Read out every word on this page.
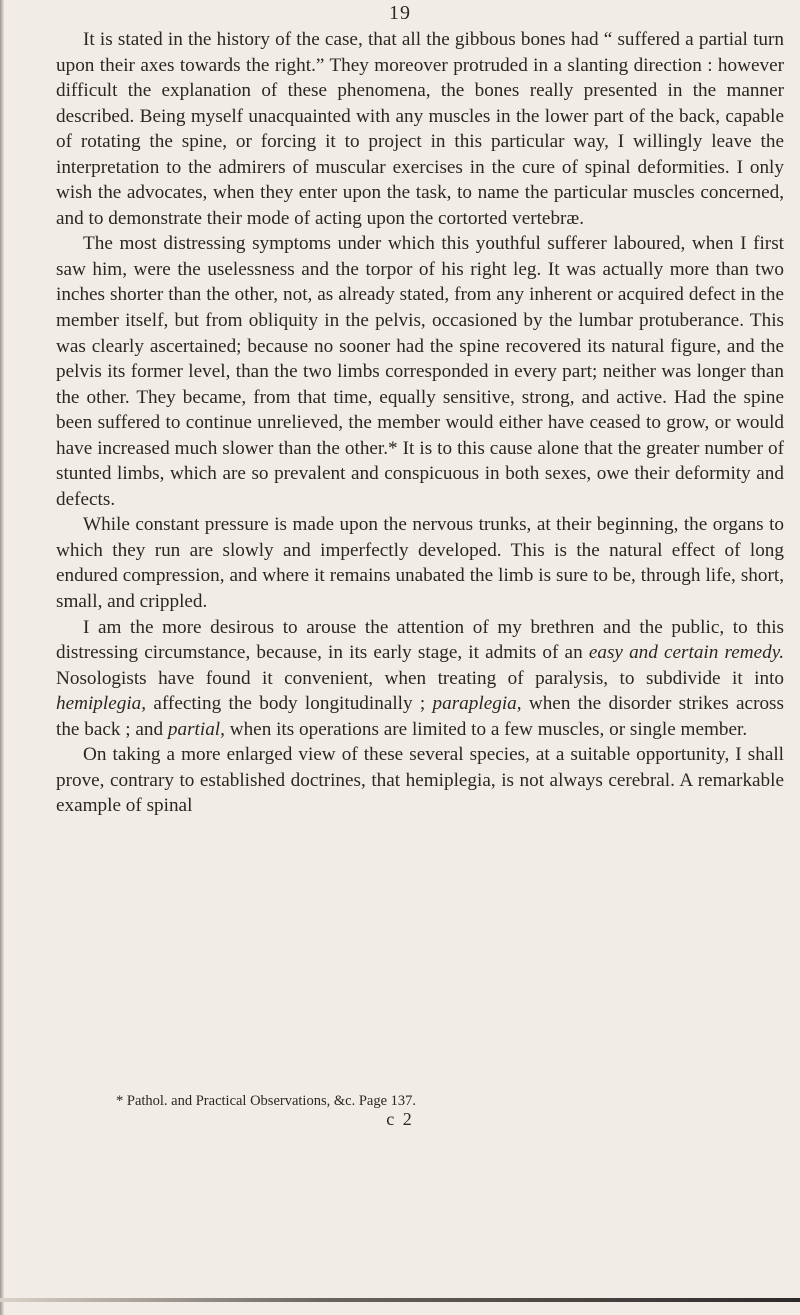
19

It is stated in the history of the case, that all the gibbous bones had “ suffered a partial turn upon their axes towards the right.” They moreover protruded in a slanting direction : however difficult the explanation of these phenomena, the bones really presented in the manner described. Being myself unacquainted with any muscles in the lower part of the back, capable of rotating the spine, or forcing it to project in this particular way, I willingly leave the interpretation to the admirers of muscular exercises in the cure of spinal deformities. I only wish the advocates, when they enter upon the task, to name the particular muscles concerned, and to demonstrate their mode of acting upon the cortorted vertebræ.

The most distressing symptoms under which this youthful sufferer laboured, when I first saw him, were the uselessness and the torpor of his right leg. It was actually more than two inches shorter than the other, not, as already stated, from any inherent or acquired defect in the member itself, but from obliquity in the pelvis, occasioned by the lumbar protuberance. This was clearly ascertained; because no sooner had the spine recovered its natural figure, and the pelvis its former level, than the two limbs corresponded in every part; neither was longer than the other. They became, from that time, equally sensitive, strong, and active. Had the spine been suffered to continue unrelieved, the member would either have ceased to grow, or would have increased much slower than the other.* It is to this cause alone that the greater number of stunted limbs, which are so prevalent and conspicuous in both sexes, owe their deformity and defects.

While constant pressure is made upon the nervous trunks, at their beginning, the organs to which they run are slowly and imperfectly developed. This is the natural effect of long endured compression, and where it remains unabated the limb is sure to be, through life, short, small, and crippled.

I am the more desirous to arouse the attention of my brethren and the public, to this distressing circumstance, because, in its early stage, it admits of an easy and certain remedy. Nosologists have found it convenient, when treating of paralysis, to subdivide it into hemiplegia, affecting the body longitudinally ; paraplegia, when the disorder strikes across the back ; and partial, when its operations are limited to a few muscles, or single member.

On taking a more enlarged view of these several species, at a suitable opportunity, I shall prove, contrary to established doctrines, that hemiplegia, is not always cerebral. A remarkable example of spinal

* Pathol. and Practical Observations, &c. Page 137.
c 2
